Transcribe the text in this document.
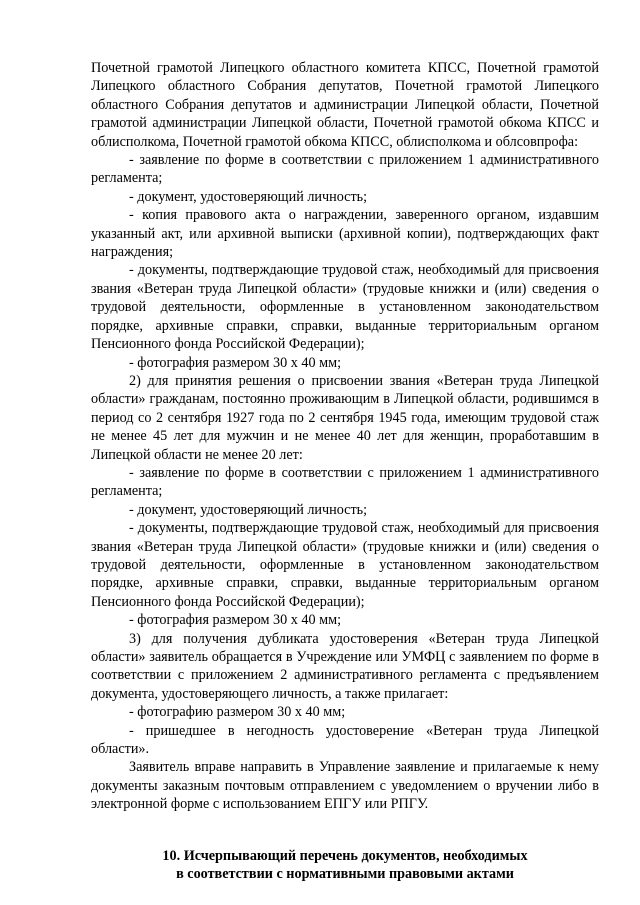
Почетной грамотой Липецкого областного комитета КПСС, Почетной грамотой Липецкого областного Собрания депутатов, Почетной грамотой Липецкого областного Собрания депутатов и администрации Липецкой области, Почетной грамотой администрации Липецкой области, Почетной грамотой обкома КПСС и облисполкома, Почетной грамотой обкома КПСС, облисполкома и облсовпрофа:

- заявление по форме в соответствии с приложением 1 административного регламента;

- документ, удостоверяющий личность;

- копия правового акта о награждении, заверенного органом, издавшим указанный акт, или архивной выписки (архивной копии), подтверждающих факт награждения;

- документы, подтверждающие трудовой стаж, необходимый для присвоения звания «Ветеран труда Липецкой области» (трудовые книжки и (или) сведения о трудовой деятельности, оформленные в установленном законодательством порядке, архивные справки, справки, выданные территориальным органом Пенсионного фонда Российской Федерации);

- фотография размером 30 х 40 мм;

2) для принятия решения о присвоении звания «Ветеран труда Липецкой области» гражданам, постоянно проживающим в Липецкой области, родившимся в период со 2 сентября 1927 года по 2 сентября 1945 года, имеющим трудовой стаж не менее 45 лет для мужчин и не менее 40 лет для женщин, проработавшим в Липецкой области не менее 20 лет:

- заявление по форме в соответствии с приложением 1 административного регламента;

- документ, удостоверяющий личность;

- документы, подтверждающие трудовой стаж, необходимый для присвоения звания «Ветеран труда Липецкой области» (трудовые книжки и (или) сведения о трудовой деятельности, оформленные в установленном законодательством порядке, архивные справки, справки, выданные территориальным органом Пенсионного фонда Российской Федерации);

- фотография размером 30 х 40 мм;

3) для получения дубликата удостоверения «Ветеран труда Липецкой области» заявитель обращается в Учреждение или УМФЦ с заявлением по форме в соответствии с приложением 2 административного регламента с предъявлением документа, удостоверяющего личность, а также прилагает:

- фотографию размером 30 х 40 мм;

- пришедшее в негодность удостоверение «Ветеран труда Липецкой области».

Заявитель вправе направить в Управление заявление и прилагаемые к нему документы заказным почтовым отправлением с уведомлением о вручении либо в электронной форме с использованием ЕПГУ или РПГУ.

10. Исчерпывающий перечень документов, необходимых

в соответствии с нормативными правовыми актами
